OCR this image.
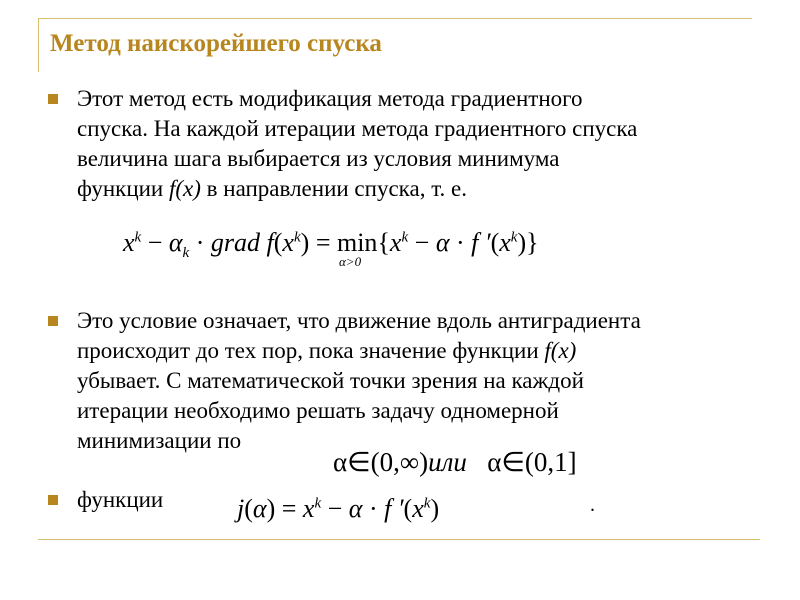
Метод наискорейшего спуска
Этот метод есть модификация метода градиентного
спуска. На каждой итерации метода градиентного спуска
величина шага выбирается из условия минимума
функции f(x) в направлении спуска, т. е.
$x^k - \alpha_k$ · grad $f(x^k) = \min$
α>0
{$x^k - \alpha \cdot f$ $'(x^k)$}
Это условие означает, что движение вдоль антиградиента
происходит до тех пор, пока значение функции f(x)
убывает. С математической точки зрения на каждой
итерации необходимо решать задачу одномерной
минимизации по
α∈(0,∞)или α∈(0,1]
функции	$j(\alpha) = x^k - \alpha \cdot f$ $'(x^k)$	.
